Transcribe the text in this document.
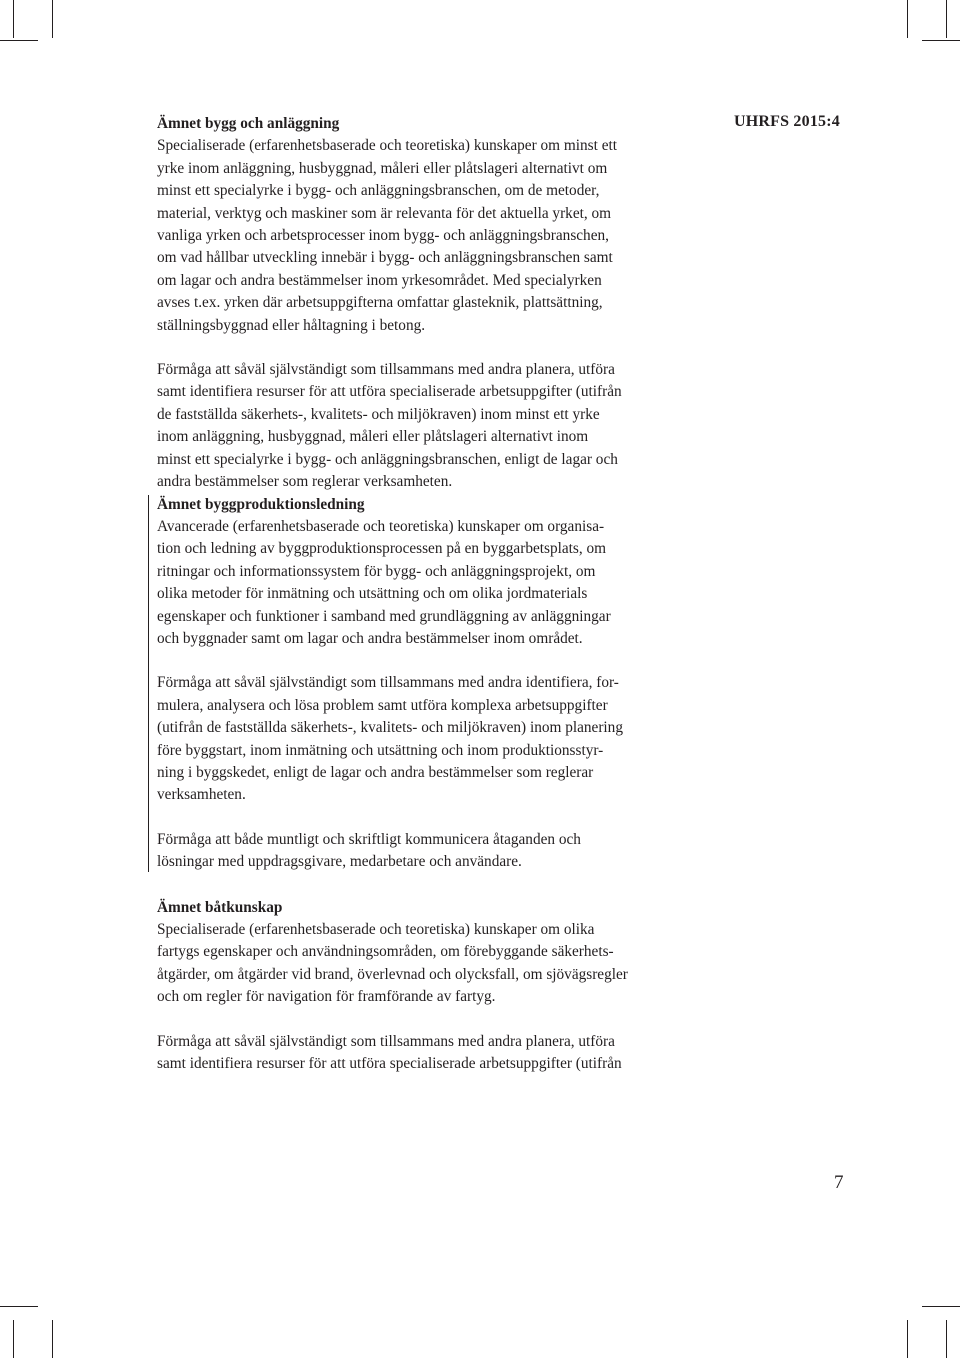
UHRFS 2015:4
Ämnet bygg och anläggning

Specialiserade (erfarenhetsbaserade och teoretiska) kunskaper om minst ett
yrke inom anläggning, husbyggnad, måleri eller plåtslageri alternativt om
minst ett specialyrke i bygg- och anläggningsbranschen, om de metoder,
material, verktyg och maskiner som är relevanta för det aktuella yrket, om
vanliga yrken och arbetsprocesser inom bygg- och anläggningsbranschen,
om vad hållbar utveckling innebär i bygg- och anläggningsbranschen samt
om lagar och andra bestämmelser inom yrkesområdet. Med specialyrken
avses t.ex. yrken där arbetsuppgifterna omfattar glasteknik, plattsättning,
ställningsbyggnad eller håltagning i betong.

Förmåga att såväl självständigt som tillsammans med andra planera, utföra
samt identifiera resurser för att utföra specialiserade arbetsuppgifter (utifrån
de fastställda säkerhets-, kvalitets- och miljökraven) inom minst ett yrke
inom anläggning, husbyggnad, måleri eller plåtslageri alternativt inom
minst ett specialyrke i bygg- och anläggningsbranschen, enligt de lagar och
andra bestämmelser som reglerar verksamheten.

Ämnet byggproduktionsledning

Avancerade (erfarenhetsbaserade och teoretiska) kunskaper om organisa-
tion och ledning av byggproduktionsprocessen på en byggarbetsplats, om
ritningar och informationssystem för bygg- och anläggningsprojekt, om
olika metoder för inmätning och utsättning och om olika jordmaterials
egenskaper och funktioner i samband med grundläggning av anläggningar
och byggnader samt om lagar och andra bestämmelser inom området.

Förmåga att såväl självständigt som tillsammans med andra identifiera, for-
mulera, analysera och lösa problem samt utföra komplexa arbetsuppgifter
(utifrån de fastställda säkerhets-, kvalitets- och miljökraven) inom planering
före byggstart, inom inmätning och utsättning och inom produktionsstyr-
ning i byggskedet, enligt de lagar och andra bestämmelser som reglerar
verksamheten.

Förmåga att både muntligt och skriftligt kommunicera åtaganden och
lösningar med uppdragsgivare, medarbetare och användare.

Ämnet båtkunskap

Specialiserade (erfarenhetsbaserade och teoretiska) kunskaper om olika
fartygs egenskaper och användningsområden, om förebyggande säkerhets-
åtgärder, om åtgärder vid brand, överlevnad och olycksfall, om sjövägsregler
och om regler för navigation för framförande av fartyg.

Förmåga att såväl självständigt som tillsammans med andra planera, utföra
samt identifiera resurser för att utföra specialiserade arbetsuppgifter (utifrån

7
